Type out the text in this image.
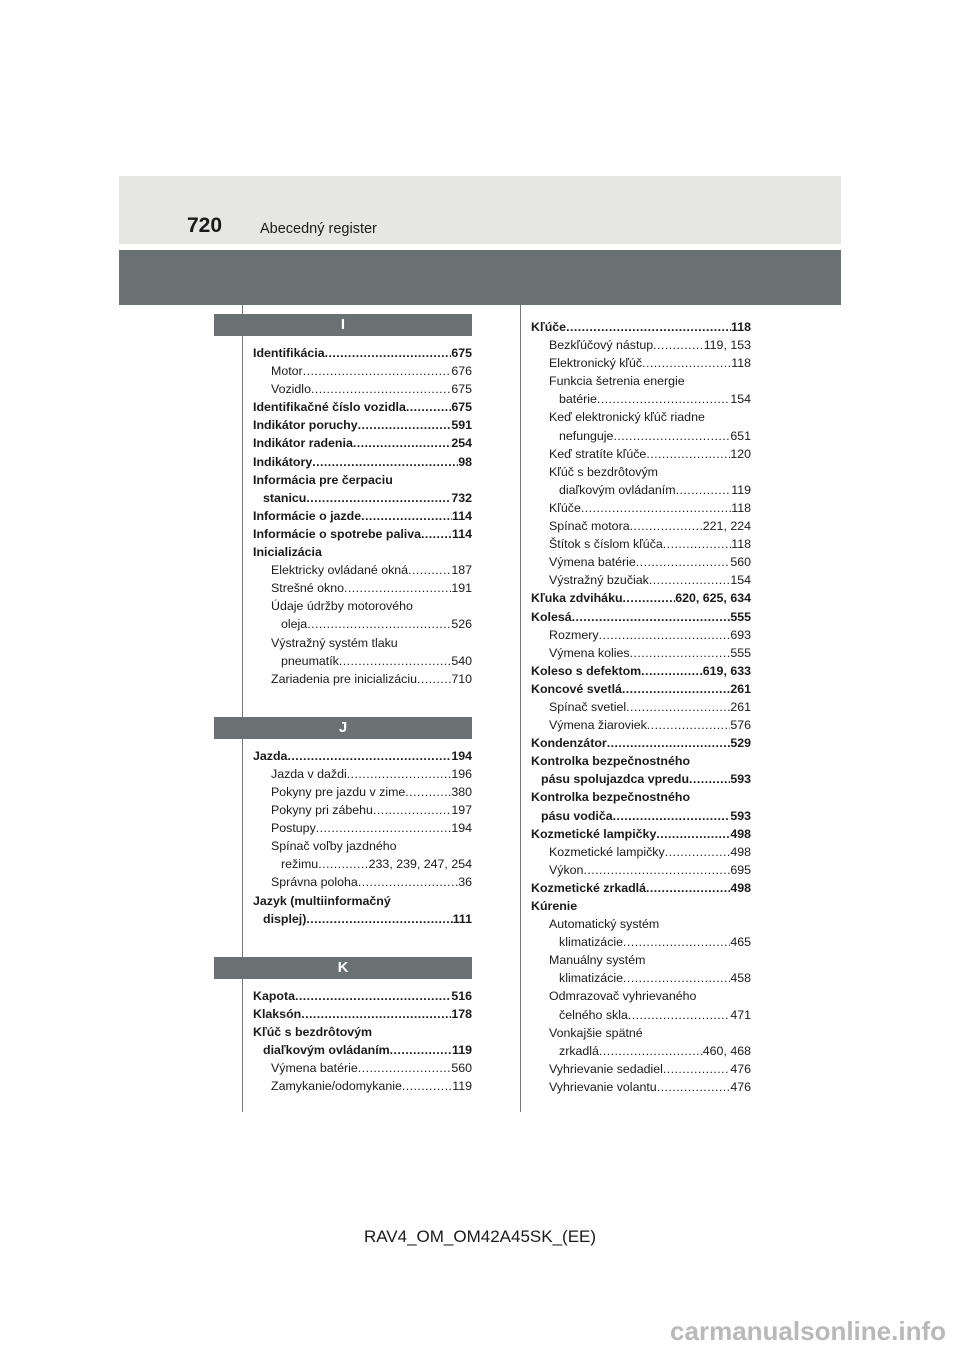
720	Abecedný register
I
Identifikácia . . .	675
Motor . . .	676
Vozidlo . . .	675
Identifikačné číslo vozidla . . .	675
Indikátor poruchy . . .	591
Indikátor radenia . . .	254
Indikátory . . .	98
Informácia pre čerpaciu
stanicu . . .	732
Informácie o jazde . . .	114
Informácie o spotrebe paliva . . . 114
Inicializácia
Elektricky ovládané okná . . .	187
Strešné okno . . .	191
Údaje údržby motorového
oleja . . .	526
Výstražný systém tlaku
pneumatík . . .	540
Zariadenia pre inicializáciu . . .	710
J
Jazda . . .	194
Jazda v daždi . . .	196
Pokyny pre jazdu v zime . . .	380
Pokyny pri zábehu . . .	197
Postupy . . .	194
Spínač voľby jazdného
režimu . . .	233, 239, 247, 254
Správna poloha . . .	36
Jazyk (multiinformačný
displej) . . .	111
K
Kapota . . .	516
Klaksón . . .	178
Kľúč s bezdrôtovým
diaľkovým ovládaním . . .	119
Výmena batérie . . .	560
Zamykanie/odomykanie . . .	119
Kľúče . . .	118
Bezkľúčový nástup . . .	119, 153
Elektronický kľúč . . .	118
Funkcia šetrenia energie
batérie . . .	154
Keď elektronický kľúč riadne
nefunguje . . .	651
Keď stratíte kľúče . . .	120
Kľúč s bezdrôtovým
diaľkovým ovládaním . . .	119
Kľúče . . .	118
Spínač motora . . .	221, 224
Štítok s číslom kľúča . . .	118
Výmena batérie . . .	560
Výstražný bzučiak . . .	154
Kľuka zdviháku . . .	620, 625, 634
Kolesá . . .	555
Rozmery . . .	693
Výmena kolies . . .	555
Koleso s defektom . . .	619, 633
Koncové svetlá . . .	261
Spínač svetiel . . .	261
Výmena žiaroviek . . .	576
Kondenzátor . . .	529
Kontrolka bezpečnostného
pásu spolujazdca vpredu . . .	593
Kontrolka bezpečnostného
pásu vodiča . . .	593
Kozmetické lampičky . . .	498
Kozmetické lampičky . . .	498
Výkon . . .	695
Kozmetické zrkadlá . . .	498
Kúrenie
Automatický systém
klimatizácie . . .	465
Manuálny systém
klimatizácie . . .	458
Odmrazovač vyhrievaného
čelného skla . . .	471
Vonkajšie spätné
zrkadlá . . .	460, 468
Vyhrievanie sedadiel . . .	476
Vyhrievanie volantu . . .	476
RAV4_OM_OM42A45SK_(EE)
carmanualsonline.info
